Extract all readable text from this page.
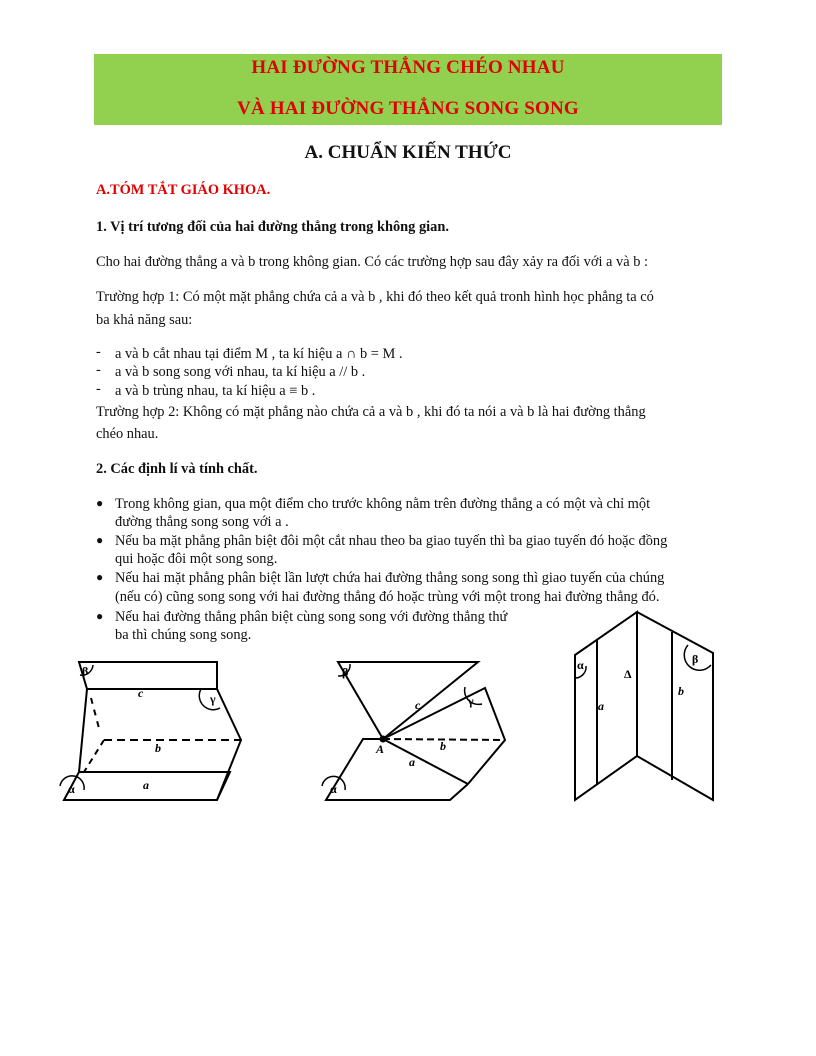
HAI ĐƯỜNG THẲNG CHÉO NHAU
VÀ HAI ĐƯỜNG THẲNG SONG SONG
A. CHUẨN KIẾN THỨC
A.TÓM TẮT GIÁO KHOA.
1. Vị trí tương đối của hai đường thẳng trong không gian.
Cho hai đường thẳng a và b trong không gian. Có các trường hợp sau đây xảy ra đối với a và b :
Trường hợp 1: Có một mặt phẳng chứa cả a và b , khi đó theo kết quả tronh hình học phẳng ta có
ba khả năng sau:
- a và b cắt nhau tại điểm M , ta kí hiệu a ∩ b = M .
- a và b song song với nhau, ta kí hiệu a // b .
- a và b trùng nhau, ta kí hiệu a ≡ b .
Trường hợp 2: Không có mặt phẳng nào chứa cả a và b , khi đó ta nói a và b là hai đường thẳng
chéo nhau.
2. Các định lí và tính chất.
● Trong không gian, qua một điểm cho trước không nằm trên đường thẳng a có một và chỉ một
đường thẳng song song với a .
● Nếu ba mặt phẳng phân biệt đôi một cắt nhau theo ba giao tuyến thì ba giao tuyến đó hoặc đồng
qui hoặc đôi một song song.
● Nếu hai mặt phẳng phân biệt lần lượt chứa hai đường thẳng song song thì giao tuyến của chúng
(nếu có) cũng song song với hai đường thẳng đó hoặc trùng với một trong hai đường thẳng đó.
● Nếu hai đường thẳng phân biệt cùng song song với đường thẳng thứ
ba thì chúng song song.
β
γ
α
c
b
a
β
γ
α
c
b
a
A
α	β
Δ
a
b
